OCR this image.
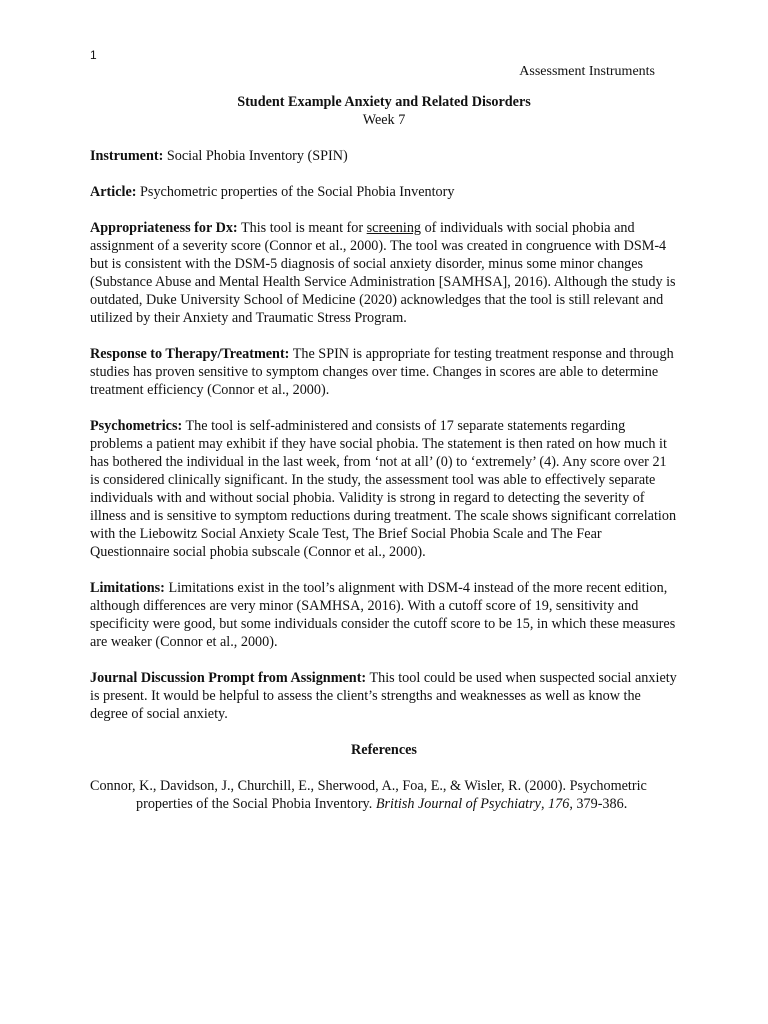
1
Assessment Instruments
Student Example Anxiety and Related Disorders
Week 7

Instrument: Social Phobia Inventory (SPIN)

Article: Psychometric properties of the Social Phobia Inventory

Appropriateness for Dx: This tool is meant for screening of individuals with social phobia and assignment of a severity score (Connor et al., 2000). The tool was created in congruence with DSM-4 but is consistent with the DSM-5 diagnosis of social anxiety disorder, minus some minor changes (Substance Abuse and Mental Health Service Administration [SAMHSA], 2016). Although the study is outdated, Duke University School of Medicine (2020) acknowledges that the tool is still relevant and utilized by their Anxiety and Traumatic Stress Program.

Response to Therapy/Treatment: The SPIN is appropriate for testing treatment response and through studies has proven sensitive to symptom changes over time. Changes in scores are able to determine treatment efficiency (Connor et al., 2000).

Psychometrics: The tool is self-administered and consists of 17 separate statements regarding problems a patient may exhibit if they have social phobia. The statement is then rated on how much it has bothered the individual in the last week, from ‘not at all’ (0) to ‘extremely’ (4). Any score over 21 is considered clinically significant. In the study, the assessment tool was able to effectively separate individuals with and without social phobia. Validity is strong in regard to detecting the severity of illness and is sensitive to symptom reductions during treatment. The scale shows significant correlation with the Liebowitz Social Anxiety Scale Test, The Brief Social Phobia Scale and The Fear Questionnaire social phobia subscale (Connor et al., 2000).

Limitations: Limitations exist in the tool’s alignment with DSM-4 instead of the more recent edition, although differences are very minor (SAMHSA, 2016). With a cutoff score of 19, sensitivity and specificity were good, but some individuals consider the cutoff score to be 15, in which these measures are weaker (Connor et al., 2000).

Journal Discussion Prompt from Assignment: This tool could be used when suspected social anxiety is present. It would be helpful to assess the client’s strengths and weaknesses as well as know the degree of social anxiety.

References
Connor, K., Davidson, J., Churchill, E., Sherwood, A., Foa, E., & Wisler, R. (2000). Psychometric properties of the Social Phobia Inventory. British Journal of Psychiatry, 176, 379-386.
